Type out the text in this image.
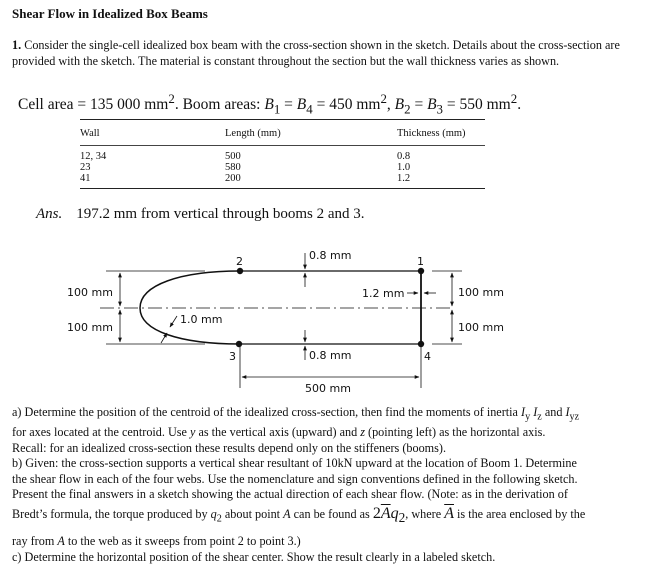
Shear Flow in Idealized Box Beams
1. Consider the single-cell idealized box beam with the cross-section shown in the sketch. Details about the cross-section are provided with the sketch. The material is constant throughout the section but the wall thickness varies as shown.
Cell area = 135 000 $mm^2$. Boom areas: $B_1 = B_4 = 450$ $mm^2$, $B_2 = B_3 = 550$ $mm^2$.
Wall	Length (mm)	Thickness (mm)
12, 34	500	0.8
23	580	1.0
41	200	1.2
Ans. 197.2 mm from vertical through booms 2 and 3.
1
2
3	4
0.8 mm
0.8 mm
1.0 mm
1.2 mm
100 mm
100 mm
100 mm
100 mm
500 mm
a) Determine the position of the centroid of the idealized cross-section, then find the moments of inertia $I_y$ $I_z$ and $I_{yz}$
for axes located at the centroid. Use y as the vertical axis (upward) and z (pointing left) as the horizontal axis.
Recall: for an idealized cross-section these results depend only on the stiffeners (booms).
b) Given: the cross-section supports a vertical shear resultant of 10kN upward at the location of Boom 1. Determine
the shear flow in each of the four webs. Use the nomenclature and sign conventions defined in the following sketch.
Present the final answers in a sketch showing the actual direction of each shear flow. (Note: as in the derivation of
Bredt’s formula, the torque produced by $q_2$ about point A can be found as $2\overline{A}q_2$, where $\overline{A}$ is the area enclosed by the
ray from A to the web as it sweeps from point 2 to point 3.)
c) Determine the horizontal position of the shear center. Show the result clearly in a labeled sketch.
